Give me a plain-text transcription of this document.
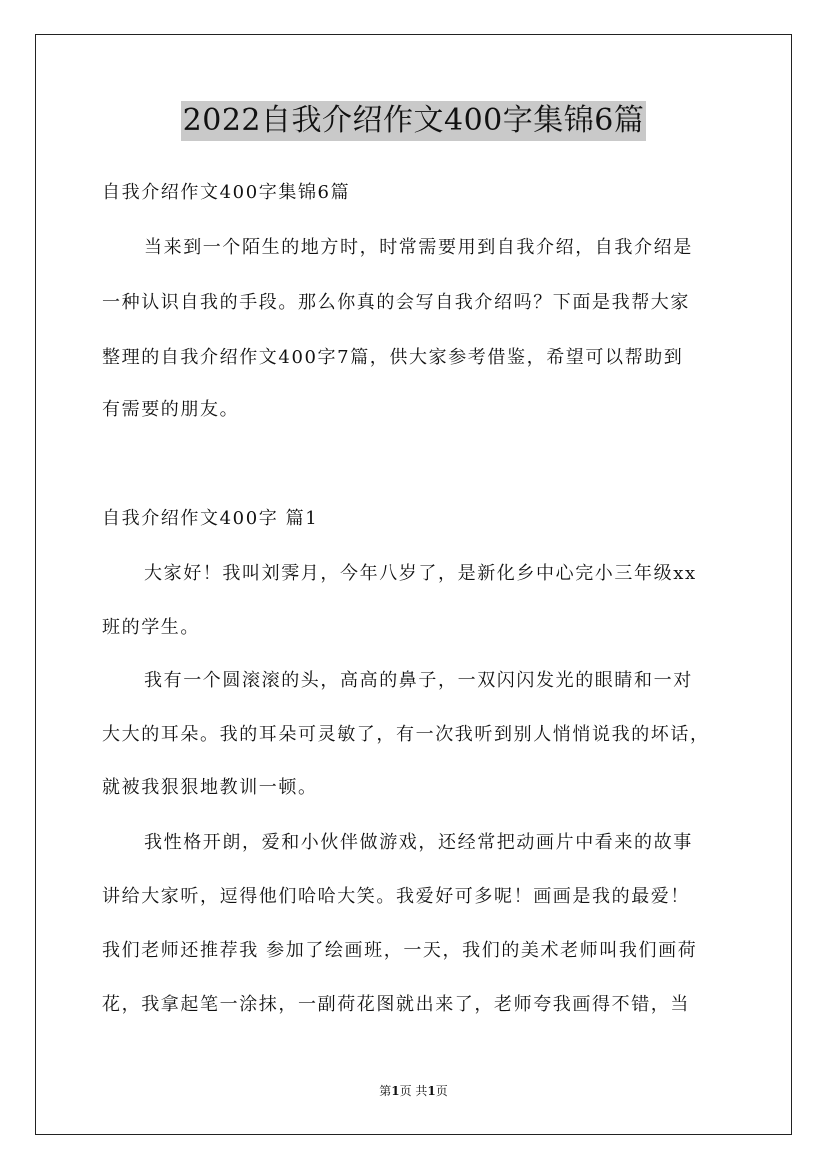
2022自我介绍作文400字集锦6篇
自我介绍作文400字集锦6篇
当来到一个陌生的地方时，时常需要用到自我介绍，自我介绍是
一种认识自我的手段。那么你真的会写自我介绍吗？下面是我帮大家
整理的自我介绍作文400字7篇，供大家参考借鉴，希望可以帮助到
有需要的朋友。
自我介绍作文400字 篇1
大家好！我叫刘霁月，今年八岁了，是新化乡中心完小三年级xx
班的学生。
我有一个圆滚滚的头，高高的鼻子，一双闪闪发光的眼睛和一对
大大的耳朵。我的耳朵可灵敏了，有一次我听到别人悄悄说我的坏话，
就被我狠狠地教训一顿。
我性格开朗，爱和小伙伴做游戏，还经常把动画片中看来的故事
讲给大家听，逗得他们哈哈大笑。我爱好可多呢！画画是我的最爱！
我们老师还推荐我 参加了绘画班，一天，我们的美术老师叫我们画荷
花，我拿起笔一涂抹，一副荷花图就出来了，老师夸我画得不错，当
第1页 共1页
